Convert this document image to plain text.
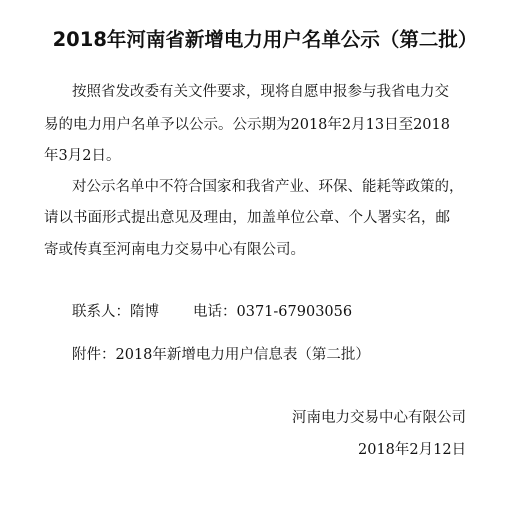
2018年河南省新增电力用户名单公示（第二批）
按照省发改委有关文件要求，现将自愿申报参与我省电力交
易的电力用户名单予以公示。公示期为2018年2月13日至2018
年3月2日。
对公示名单中不符合国家和我省产业、环保、能耗等政策的，
请以书面形式提出意见及理由，加盖单位公章、个人署实名，邮
寄或传真至河南电力交易中心有限公司。
联系人：隋博 电话：0371-67903056
附件：2018年新增电力用户信息表（第二批）
河南电力交易中心有限公司
2018年2月12日
